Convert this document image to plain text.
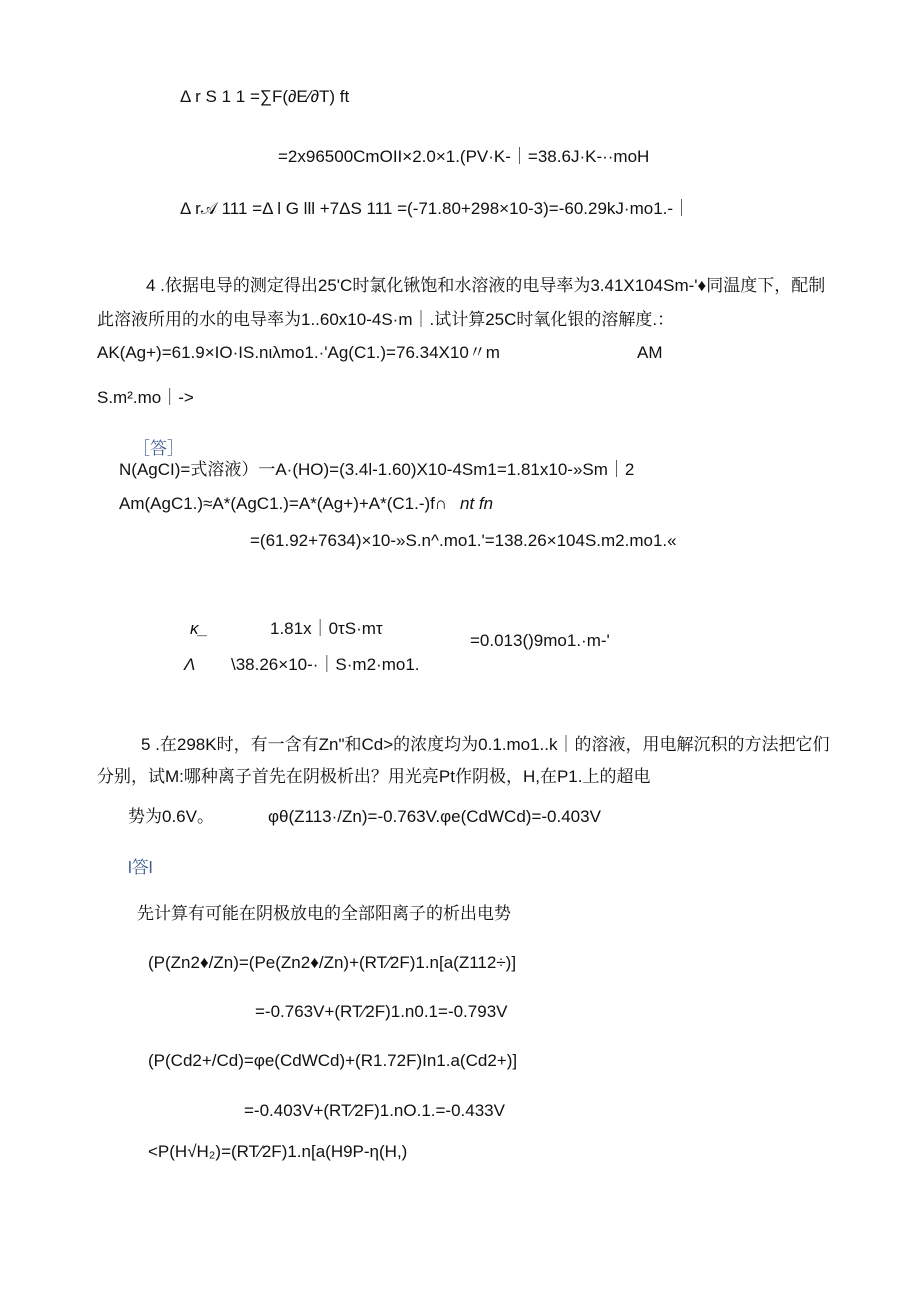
Δ r S 1 1 =∑F(∂E⁄∂T) ft
=2x96500CmOII×2.0×1.(PV·K-｜=38.6J·K-··moH
Δ r𝒜 111 =Δ l G lll +7ΔS 111 =(-71.80+298×10-3)=-60.29kJ·mo1.-｜
4 .依据电导的测定得出25'C时氯化锹饱和水溶液的电导率为3.41X104Sm-'♦同温度下，配制
此溶液所用的水的电导率为1..60x10-4S·m｜.试计算25C时氧化银的溶解度.：
AK(Ag+)=61.9×IO·IS.nιλmo1.·'Ag(C1.)=76.34X10〃m	AM
S.m².mo｜->
［答］
N(AgCI)=式溶液）一A·(HO)=(3.4l-1.60)X10-4Sm1=1.81x10-»Sm｜2
Am(AgC1.)≈A*(AgC1.)=A*(Ag+)+A*(C1.-)f∩ nt fn
=(61.92+7634)×10-»S.n^.mo1.'=138.26×104S.m2.mo1.«
κ_	1.81x｜0τS·mτ
=0.013()9mo1.·m-'
Λ \38.26×10-·｜S·m2·mo1.
5 .在298K时，有一含有Zn"和Cd>的浓度均为0.1.mo1..k｜的溶液，用电解沉积的方法把它们
分别，试M:哪种离子首先在阴极析出？用光亮Pt作阴极，H,在P1.上的超电
势为0.6V。	φθ(Z113·/Zn)=-0.763V.φe(CdWCd)=-0.403V
l答l
先计算有可能在阴极放电的全部阳离子的析出电势
(P(Zn2♦/Zn)=(Pe(Zn2♦/Zn)+(RT⁄2F)1.n[a(Z112÷)]
=-0.763V+(RT⁄2F)1.n0.1=-0.793V
(P(Cd2+/Cd)=φe(CdWCd)+(R1.72F)In1.a(Cd2+)]
=-0.403V+(RT⁄2F)1.nO.1.=-0.433V
<P(H√H₂)=(RT⁄2F)1.n[a(H9P-η(H,)
